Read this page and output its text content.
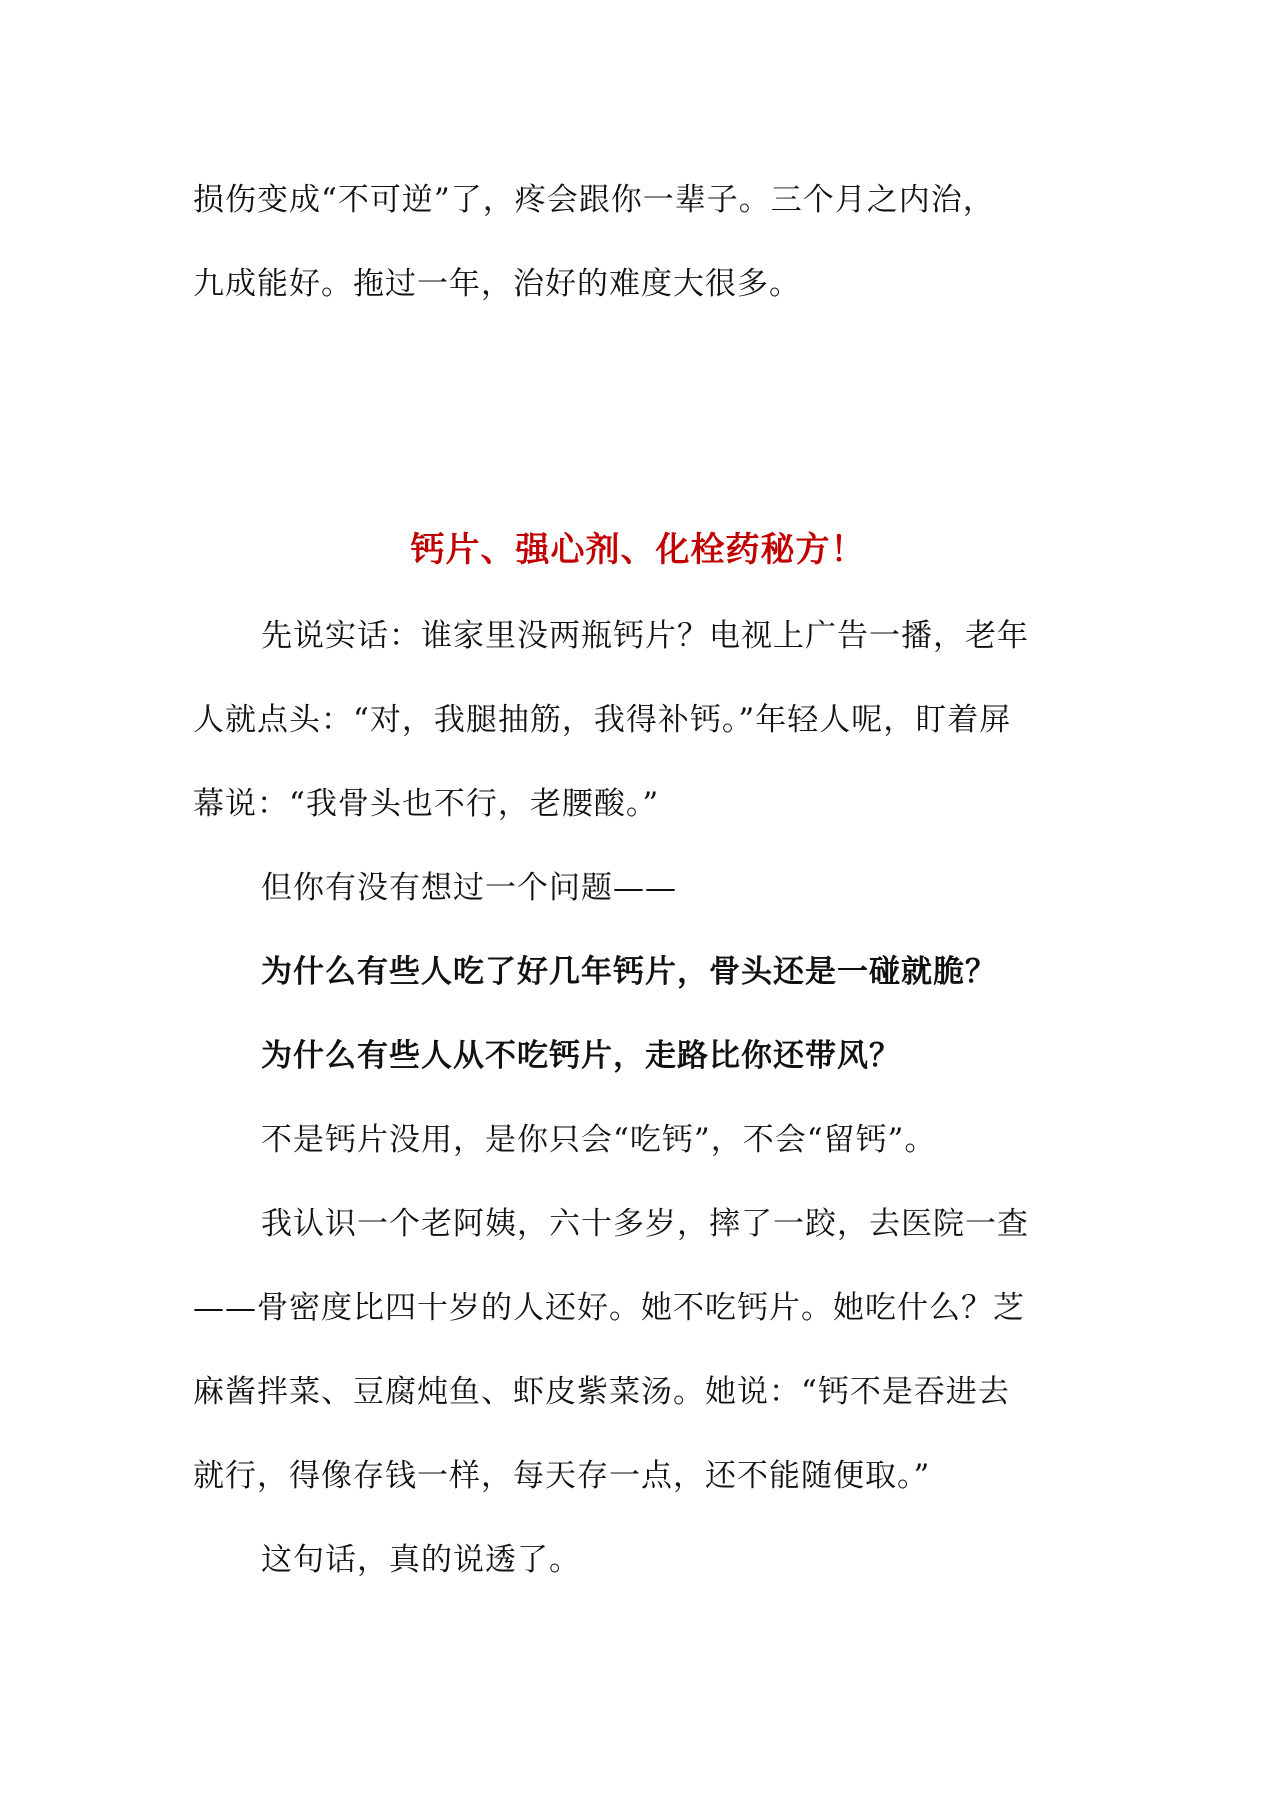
损伤变成“不可逆”了，疼会跟你一辈子。三个月之内治，

九成能好。拖过一年，治好的难度大很多。

钙片、强心剂、化栓药秘方！

先说实话：谁家里没两瓶钙片？电视上广告一播，老年

人就点头：“对，我腿抽筋，我得补钙。”年轻人呢，盯着屏

幕说：“我骨头也不行，老腰酸。”

但你有没有想过一个问题——

为什么有些人吃了好几年钙片，骨头还是一碰就脆？

为什么有些人从不吃钙片，走路比你还带风？

不是钙片没用，是你只会“吃钙”，不会“留钙”。

我认识一个老阿姨，六十多岁，摔了一跤，去医院一查

——骨密度比四十岁的人还好。她不吃钙片。她吃什么？芝

麻酱拌菜、豆腐炖鱼、虾皮紫菜汤。她说：“钙不是吞进去

就行，得像存钱一样，每天存一点，还不能随便取。”

这句话，真的说透了。
